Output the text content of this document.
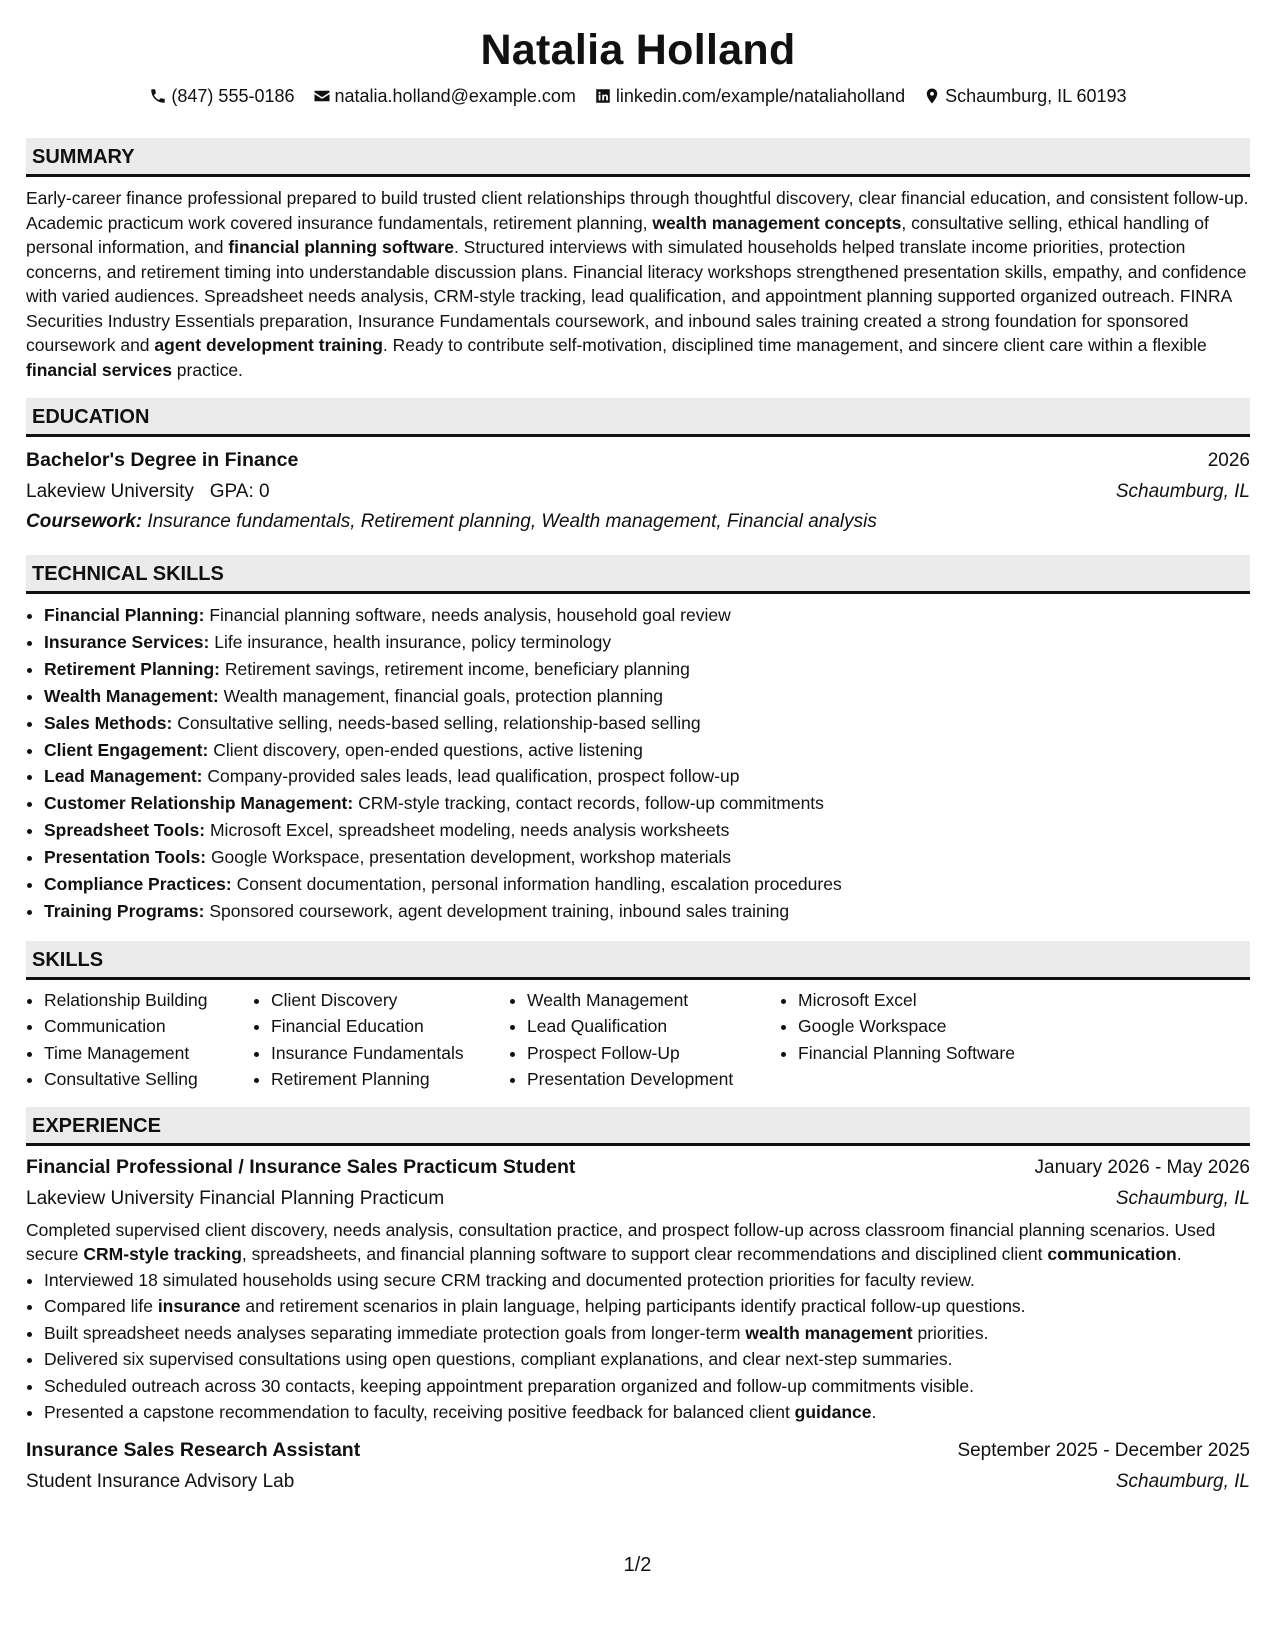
Natalia Holland
(847) 555-0186 natalia.holland@example.com linkedin.com/example/nataliaholland Schaumburg, IL 60193
SUMMARY

Early-career finance professional prepared to build trusted client relationships through thoughtful discovery, clear financial education, and consistent follow-up. Academic practicum work covered insurance fundamentals, retirement planning, wealth management concepts, consultative selling, ethical handling of personal information, and financial planning software. Structured interviews with simulated households helped translate income priorities, protection concerns, and retirement timing into understandable discussion plans. Financial literacy workshops strengthened presentation skills, empathy, and confidence with varied audiences. Spreadsheet needs analysis, CRM-style tracking, lead qualification, and appointment planning supported organized outreach. FINRA Securities Industry Essentials preparation, Insurance Fundamentals coursework, and inbound sales training created a strong foundation for sponsored coursework and agent development training. Ready to contribute self-motivation, disciplined time management, and sincere client care within a flexible financial services practice.

EDUCATION
Bachelor's Degree in Finance	2026
Lakeview University GPA: 0	Schaumburg, IL
Coursework: Insurance fundamentals, Retirement planning, Wealth management, Financial analysis
TECHNICAL SKILLS
• Financial Planning: Financial planning software, needs analysis, household goal review
• Insurance Services: Life insurance, health insurance, policy terminology
• Retirement Planning: Retirement savings, retirement income, beneficiary planning
• Wealth Management: Wealth management, financial goals, protection planning
• Sales Methods: Consultative selling, needs-based selling, relationship-based selling
• Client Engagement: Client discovery, open-ended questions, active listening
• Lead Management: Company-provided sales leads, lead qualification, prospect follow-up
• Customer Relationship Management: CRM-style tracking, contact records, follow-up commitments
• Spreadsheet Tools: Microsoft Excel, spreadsheet modeling, needs analysis worksheets
• Presentation Tools: Google Workspace, presentation development, workshop materials
• Compliance Practices: Consent documentation, personal information handling, escalation procedures
• Training Programs: Sponsored coursework, agent development training, inbound sales training
SKILLS
• Relationship Building
• Communication
• Time Management
• Consultative Selling
• Client Discovery
• Financial Education
• Insurance Fundamentals
• Retirement Planning
• Wealth Management
• Lead Qualification
• Prospect Follow-Up
• Presentation Development
• Microsoft Excel
• Google Workspace
• Financial Planning Software
EXPERIENCE
Financial Professional / Insurance Sales Practicum Student	January 2026 - May 2026
Lakeview University Financial Planning Practicum	Schaumburg, IL

Completed supervised client discovery, needs analysis, consultation practice, and prospect follow-up across classroom financial planning scenarios. Used secure CRM-style tracking, spreadsheets, and financial planning software to support clear recommendations and disciplined client communication.

• Interviewed 18 simulated households using secure CRM tracking and documented protection priorities for faculty review.
• Compared life insurance and retirement scenarios in plain language, helping participants identify practical follow-up questions.
• Built spreadsheet needs analyses separating immediate protection goals from longer-term wealth management priorities.
• Delivered six supervised consultations using open questions, compliant explanations, and clear next-step summaries.
• Scheduled outreach across 30 contacts, keeping appointment preparation organized and follow-up commitments visible.
• Presented a capstone recommendation to faculty, receiving positive feedback for balanced client guidance.
Insurance Sales Research Assistant	September 2025 - December 2025
Student Insurance Advisory Lab	Schaumburg, IL
1/2
